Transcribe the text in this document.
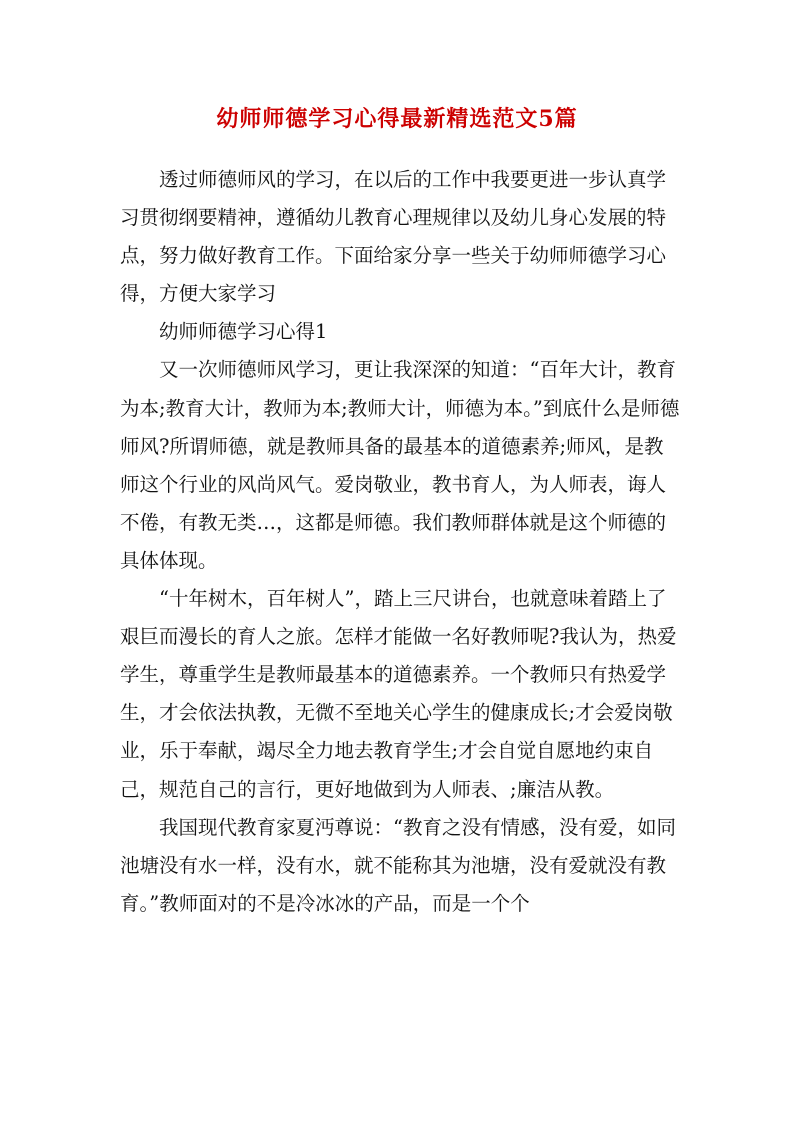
幼师师德学习心得最新精选范文5篇

透过师德师风的学习，在以后的工作中我要更进一步认真学习贯彻纲要精神，遵循幼儿教育心理规律以及幼儿身心发展的特点，努力做好教育工作。下面给家分享一些关于幼师师德学习心得，方便大家学习

幼师师德学习心得1

又一次师德师风学习，更让我深深的知道：“百年大计，教育为本;教育大计，教师为本;教师大计，师德为本。”到底什么是师德师风?所谓师德，就是教师具备的最基本的道德素养;师风，是教师这个行业的风尚风气。爱岗敬业，教书育人，为人师表，诲人不倦，有教无类…，这都是师德。我们教师群体就是这个师德的具体体现。

“十年树木，百年树人”，踏上三尺讲台，也就意味着踏上了艰巨而漫长的育人之旅。怎样才能做一名好教师呢?我认为，热爱学生，尊重学生是教师最基本的道德素养。一个教师只有热爱学生，才会依法执教，无微不至地关心学生的健康成长;才会爱岗敬业，乐于奉献，竭尽全力地去教育学生;才会自觉自愿地约束自己，规范自己的言行，更好地做到为人师表、;廉洁从教。

我国现代教育家夏沔尊说：“教育之没有情感，没有爱，如同池塘没有水一样，没有水，就不能称其为池塘，没有爱就没有教育。”教师面对的不是冷冰冰的产品，而是一个个
